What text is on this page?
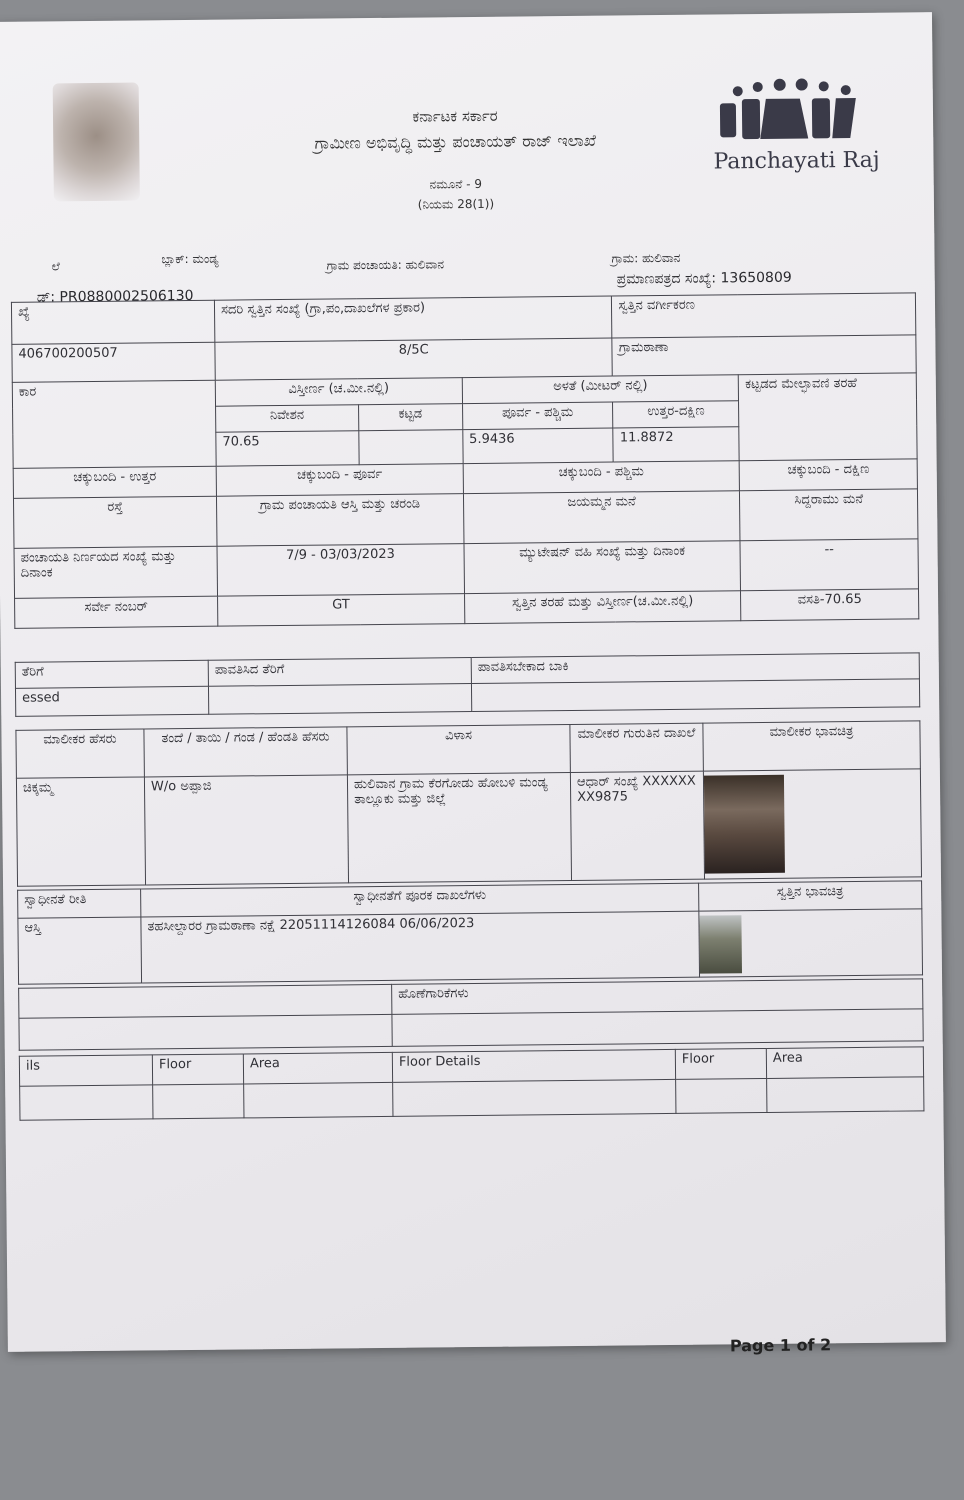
ಕರ್ನಾಟಕ ಸರ್ಕಾರ
ಗ್ರಾಮೀಣ ಅಭಿವೃದ್ಧಿ ಮತ್ತು ಪಂಚಾಯತ್ ರಾಜ್ ಇಲಾಖೆ
ನಮೂನೆ - 9
(ನಿಯಮ 28(1))
Panchayati Raj
ಲೆ
ಬ್ಲಾಕ್: ಮಂಡ್ಯ	ಗ್ರಾಮ ಪಂಚಾಯತಿ: ಹುಲಿವಾನ	ಗ್ರಾಮ: ಹುಲಿವಾನ
ಡ್: PR0880002506130
ಪ್ರಮಾಣಪತ್ರದ ಸಂಖ್ಯೆ: 13650809
ಖ್ಯೆ	ಸದರಿ ಸ್ವತ್ತಿನ ಸಂಖ್ಯೆ (ಗ್ರಾ,ಪಂ,ದಾಖಲೆಗಳ ಪ್ರಕಾರ)			ಸ್ವತ್ತಿನ ವರ್ಗೀಕರಣ	
406700200507	8/5C			ಗ್ರಾಮಠಾಣಾ	
ಕಾರ	ವಿಸ್ತೀರ್ಣ (ಚ.ಮೀ.ನಲ್ಲಿ)		ಅಳತೆ (ಮೀಟರ್ ನಲ್ಲಿ)		ಕಟ್ಟಡದ ಮೇಲ್ಛಾವಣಿ ತರಹೆ
	ನಿವೇಶನ	ಕಟ್ಟಡ	ಪೂರ್ವ - ಪಶ್ಚಿಮ	ಉತ್ತರ-ದಕ್ಷಿಣ	
	70.65		5.9436	11.8872	
ಚಕ್ಕುಬಂದಿ - ಉತ್ತರ	ಚಕ್ಕುಬಂದಿ - ಪೂರ್ವ		ಚಕ್ಕುಬಂದಿ - ಪಶ್ಚಿಮ		ಚಕ್ಕುಬಂದಿ - ದಕ್ಷಿಣ
ರಸ್ತೆ	ಗ್ರಾಮ ಪಂಚಾಯತಿ ಆಸ್ತಿ ಮತ್ತು ಚರಂಡಿ		ಜಯಮ್ಮನ ಮನೆ		ಸಿದ್ದರಾಮು ಮನೆ
ಪಂಚಾಯತಿ ನಿರ್ಣಯದ ಸಂಖ್ಯೆ ಮತ್ತು ದಿನಾಂಕ	7/9 - 03/03/2023		ಮ್ಯುಟೇಷನ್ ವಹಿ ಸಂಖ್ಯೆ ಮತ್ತು ದಿನಾಂಕ		--
ಸರ್ವೇ ನಂಬರ್	GT		ಸ್ವತ್ತಿನ ತರಹೆ ಮತ್ತು ವಿಸ್ತೀರ್ಣ(ಚ.ಮೀ.ನಲ್ಲಿ)		ವಸತಿ-70.65
ತೆರಿಗೆ	ಪಾವತಿಸಿದ ತೆರಿಗೆ	ಪಾವತಿಸಬೇಕಾದ ಬಾಕಿ
essed		
ಮಾಲೀಕರ ಹೆಸರು	ತಂದೆ / ತಾಯಿ / ಗಂಡ / ಹೆಂಡತಿ ಹೆಸರು	ವಿಳಾಸ	ಮಾಲೀಕರ ಗುರುತಿನ ದಾಖಲೆ	ಮಾಲೀಕರ ಭಾವಚಿತ್ರ
ಚಿಕ್ಕಮ್ಮ	W/o ಅಪ್ಪಾಜಿ	ಹುಲಿವಾನ ಗ್ರಾಮ ಕೆರಗೋಡು ಹೋಬಳಿ ಮಂಡ್ಯ ತಾಲ್ಲೂಕು ಮತ್ತು ಜಿಲ್ಲೆ	ಆಧಾರ್ ಸಂಖ್ಯೆ XXXXXXXX9875	
ಸ್ವಾಧೀನತೆ ರೀತಿ	ಸ್ವಾಧೀನತೆಗೆ ಪೂರಕ ದಾಖಲೆಗಳು	ಸ್ವತ್ತಿನ ಭಾವಚಿತ್ರ
ಆಸ್ತಿ	ತಹಸೀಲ್ದಾರರ ಗ್ರಾಮಠಾಣಾ ನಕ್ಷೆ 22051114126084 06/06/2023	
	ಹೊಣೆಗಾರಿಕೆಗಳು

ils	Floor	Area	Floor Details	Floor	Area

Page 1 of 2
